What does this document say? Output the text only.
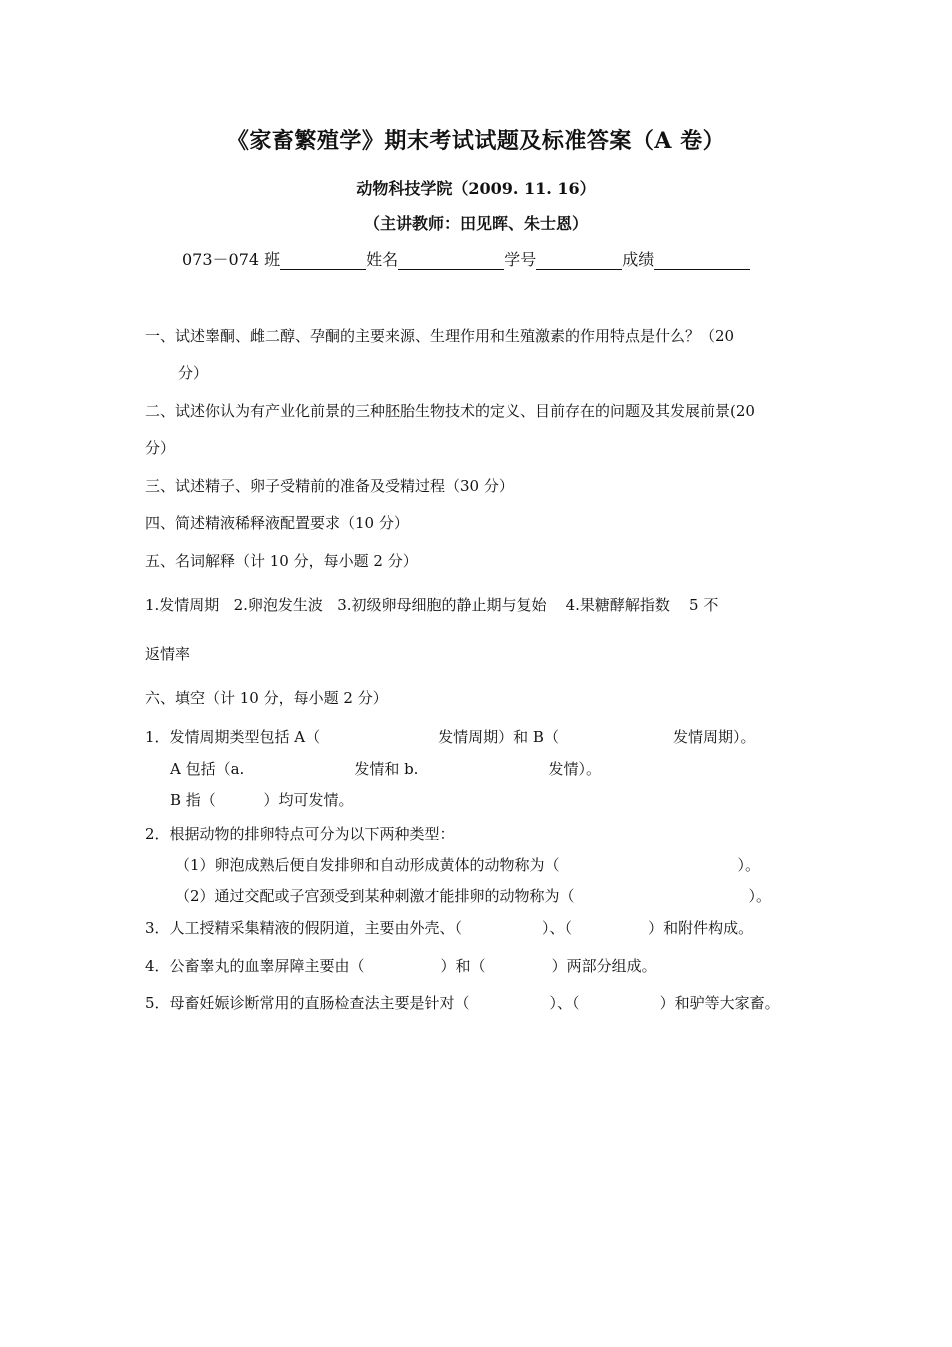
《家畜繁殖学》期末考试试题及标准答案（A 卷）
动物科技学院（2009. 11. 16）
（主讲教师：田见晖、朱士恩）
073－074 班	姓名	学号	成绩
一、试述睾酮、雌二醇、孕酮的主要来源、生理作用和生殖激素的作用特点是什么？（20
分）
二、试述你认为有产业化前景的三种胚胎生物技术的定义、目前存在的问题及其发展前景(20
分）
三、试述精子、卵子受精前的准备及受精过程（30 分）
四、简述精液稀释液配置要求（10 分）
五、名词解释（计 10 分，每小题 2 分）
1.发情周期   2.卵泡发生波   3.初级卵母细胞的静止期与复始    4.果糖酵解指数    5 不
返情率
六、填空（计 10 分，每小题 2 分）
1．发情周期类型包括 A（	发情周期）和 B（	发情周期）。
A 包括（a.	发情和 b.	发情）。
B 指（          ）均可发情。
2．根据动物的排卵特点可分为以下两种类型：
（1）卵泡成熟后便自发排卵和自动形成黄体的动物称为（	）。
（2）通过交配或子宫颈受到某种刺激才能排卵的动物称为（	）。
3．人工授精采集精液的假阴道，主要由外壳、（	）、（	）和附件构成。
4．公畜睾丸的血睾屏障主要由（	）和（	）两部分组成。
5．母畜妊娠诊断常用的直肠检查法主要是针对（	）、（	）和驴等大家畜。
